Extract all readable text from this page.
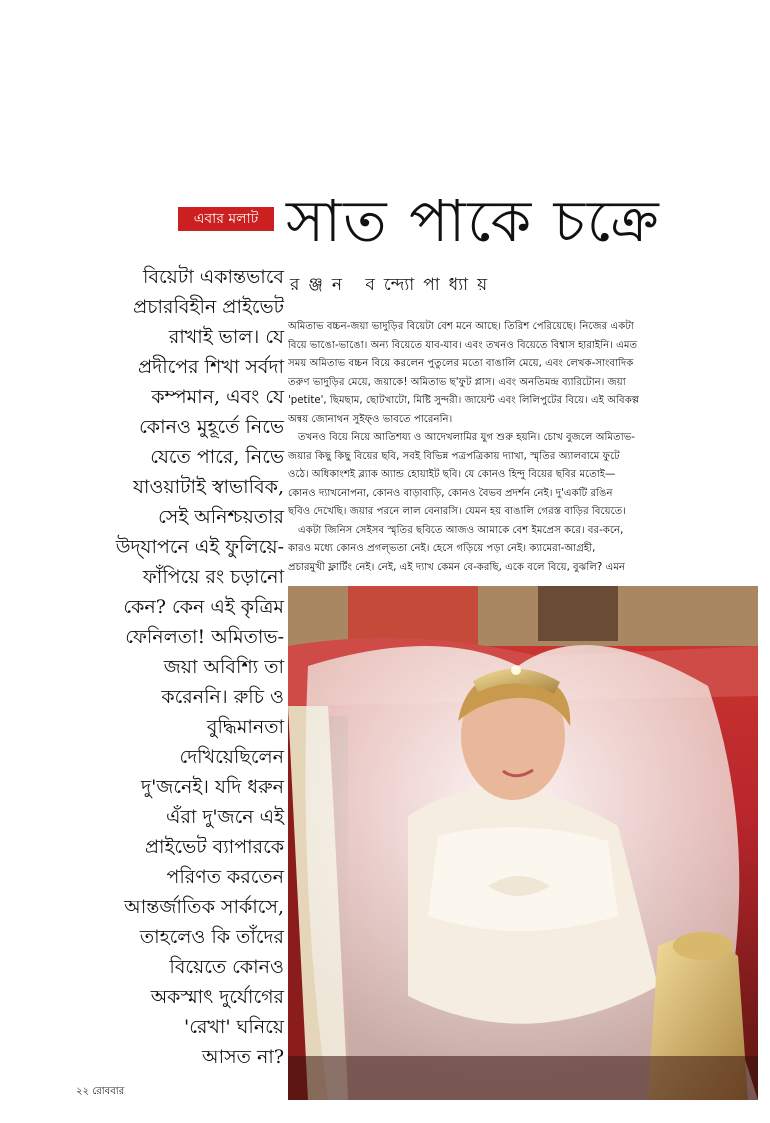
এবার মলাট সাত পাকে চক্রে
রঞ্জন বন্দ্যোপাধ্যায়
বিয়েটা একান্তভাবে
প্রচারবিহীন প্রাইভেট
রাখাই ভাল। যে
প্রদীপের শিখা সর্বদা
কম্পমান, এবং যে
কোনও মুহূর্তে নিভে
যেতে পারে, নিভে
যাওয়াটাই স্বাভাবিক,
সেই অনিশ্চয়তার
উদ্‌যাপনে এই ফুলিয়ে-
ফাঁপিয়ে রং চড়ানো
কেন? কেন এই কৃত্রিম
ফেনিলতা! অমিতাভ-
জয়া অবিশ্যি তা
করেননি। রুচি ও
বুদ্ধিমানতা
দেখিয়েছিলেন
দু'জনেই। যদি ধরুন
এঁরা দু'জনে এই
প্রাইভেট ব্যাপারকে
পরিণত করতেন
আন্তর্জাতিক সার্কাসে,
তাহলেও কি তাঁদের
বিয়েতে কোনও
অকস্মাৎ দুর্যোগের
'রেখা' ঘনিয়ে
আসত না?
অমিতাভ বচ্চন-জয়া ভাদুড়ির বিয়েটা বেশ মনে আছে। তিরিশ পেরিয়েছে। নিজের একটা
বিয়ে ভাঙো-ভাঙো। অন্য বিয়েতে যাব-যাব। এবং তখনও বিয়েতে বিশ্বাস হারাইনি। এমত
সময় অমিতাভ বচ্চন বিয়ে করলেন পুতুলের মতো বাঙালি মেয়ে, এবং লেখক-সাংবাদিক
তরুণ ভাদুড়ির মেয়ে, জয়াকে! অমিতাভ ছ'ফুট প্লাস। এবং অনতিমন্দ্র ব্যারিটোন। জয়া
'petite', ছিমছাম, ছোটখাটো, মিষ্টি সুন্দরী। জায়েন্ট এবং লিলিপুটের বিয়ে। এই অবিকল্প
অন্বয় জোনাথন সুইফ্‌ও ভাবতে পারেননি।
তখনও বিয়ে নিয়ে আতিশয্য ও আদেখলামির যুগ শুরু হয়নি। চোখ বুজলে অমিতাভ-
জয়ার কিছু কিছু বিয়ের ছবি, সবই বিভিন্ন পত্রপত্রিকায় দ্যাখা, স্মৃতির অ্যালবামে ফুটে
ওঠে। অধিকাংশই ব্ল্যাক অ্যান্ড হোয়াইট ছবি। যে কোনও হিন্দু বিয়ের ছবির মতোই—
কোনও দ্যাখনোপনা, কোনও বাড়াবাড়ি, কোনও বৈভব প্রদর্শন নেই। দু'একটি রঙিন
ছবিও দেখেছি। জয়ার পরনে লাল বেনারসি। যেমন হয় বাঙালি গেরস্ত বাড়ির বিয়েতে।
একটা জিনিস সেইসব স্মৃতির ছবিতে আজও আমাকে বেশ ইমপ্রেস করে। বর-কনে,
কারও মধ্যে কোনও প্রগল্‌ভতা নেই। হেসে গড়িয়ে পড়া নেই। ক্যামেরা-আগ্রহী,
প্রচারমুখী ফ্লার্টিং নেই। নেই, এই দ্যাখ কেমন বে-করছি, একে বলে বিয়ে, বুঝলি? এমন
২২ রোববার
